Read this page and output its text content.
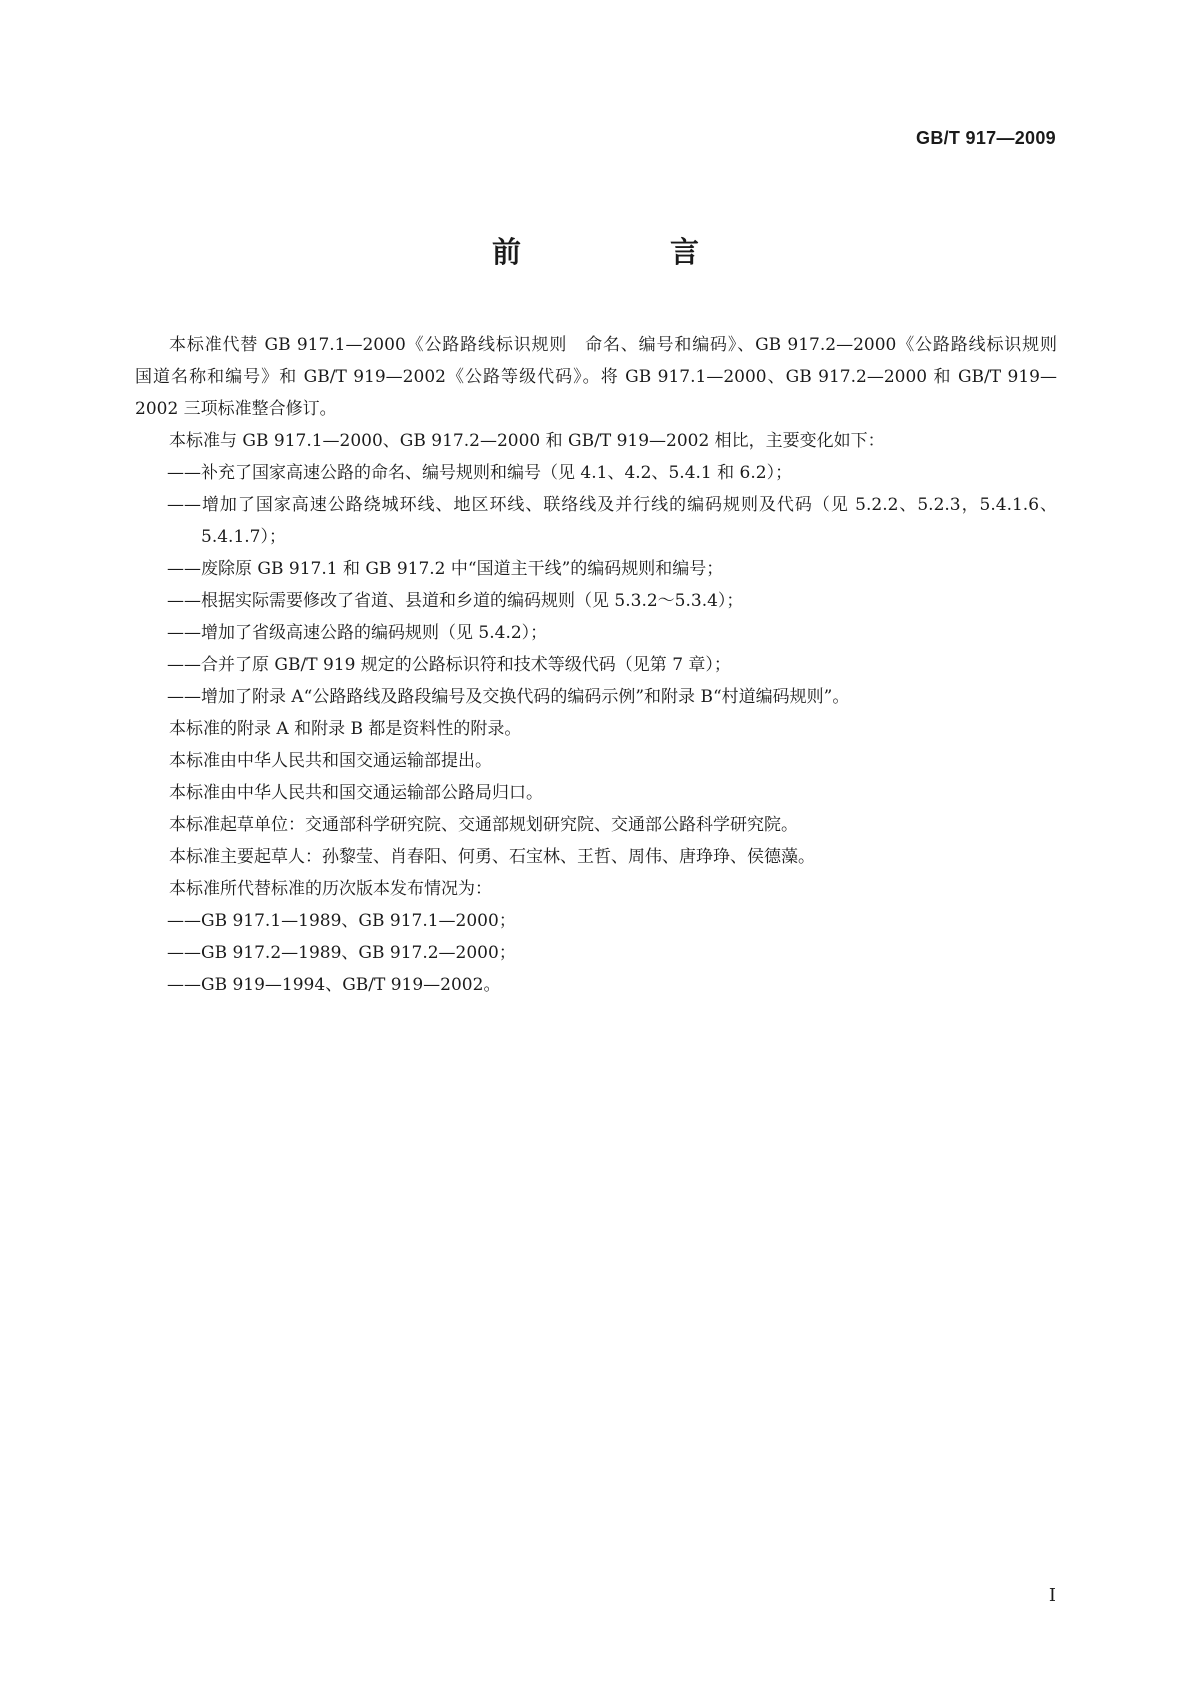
GB/T 917—2009
前　言

本标准代替 GB 917.1—2000《公路路线标识规则　命名、编号和编码》、GB 917.2—2000《公路路线标识规则　国道名称和编号》和 GB/T 919—2002《公路等级代码》。将 GB 917.1—2000、GB 917.2—2000 和 GB/T 919—2002 三项标准整合修订。

本标准与 GB 917.1—2000、GB 917.2—2000 和 GB/T 919—2002 相比，主要变化如下：

——补充了国家高速公路的命名、编号规则和编号（见 4.1、4.2、5.4.1 和 6.2）；

——增加了国家高速公路绕城环线、地区环线、联络线及并行线的编码规则及代码（见 5.2.2、5.2.3，5.4.1.6、5.4.1.7）；

——废除原 GB 917.1 和 GB 917.2 中“国道主干线”的编码规则和编号；

——根据实际需要修改了省道、县道和乡道的编码规则（见 5.3.2～5.3.4）；

——增加了省级高速公路的编码规则（见 5.4.2）；

——合并了原 GB/T 919 规定的公路标识符和技术等级代码（见第 7 章）；

——增加了附录 A“公路路线及路段编号及交换代码的编码示例”和附录 B“村道编码规则”。

本标准的附录 A 和附录 B 都是资料性的附录。

本标准由中华人民共和国交通运输部提出。

本标准由中华人民共和国交通运输部公路局归口。

本标准起草单位：交通部科学研究院、交通部规划研究院、交通部公路科学研究院。

本标准主要起草人：孙黎莹、肖春阳、何勇、石宝林、王哲、周伟、唐琤琤、侯德藻。

本标准所代替标准的历次版本发布情况为：

——GB 917.1—1989、GB 917.1—2000；

——GB 917.2—1989、GB 917.2—2000；

——GB 919—1994、GB/T 919—2002。

I
